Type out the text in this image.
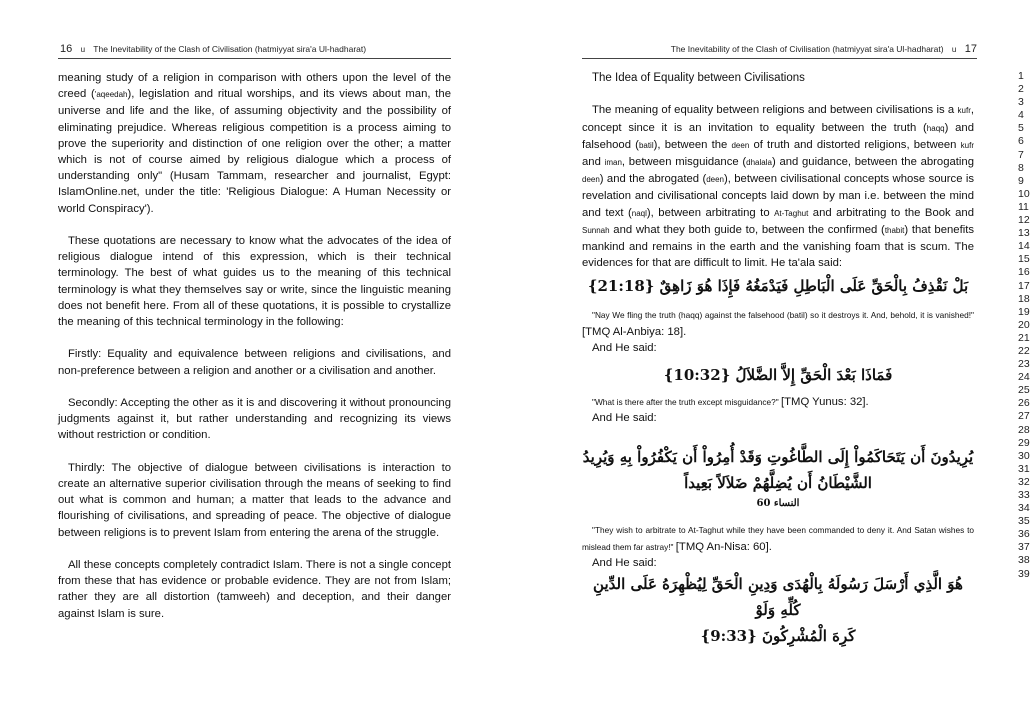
16 u The Inevitability of the Clash of Civilisation (hatmiyyat sira'a Ul-hadharat)	The Inevitability of the Clash of Civilisation (hatmiyyat sira'a Ul-hadharat) u 17

meaning study of a religion in comparison with others upon the level of the creed ('aqeedah), legislation and ritual worships, and its views about man, the universe and life and the like, of assuming objectivity and the possibility of eliminating prejudice. Whereas religious competition is a process aiming to prove the superiority and distinction of one religion over the other; a matter which is not of course aimed by religious dialogue which a process of understanding only" (Husam Tammam, researcher and journalist, Egypt: IslamOnline.net, under the title: 'Religious Dialogue: A Human Necessity or world Conspiracy').

These quotations are necessary to know what the advocates of the idea of religious dialogue intend of this expression, which is their technical terminology. The best of what guides us to the meaning of this technical terminology is what they themselves say or write, since the linguistic meaning does not benefit here. From all of these quotations, it is possible to crystallize the meaning of this technical terminology in the following:

Firstly: Equality and equivalence between religions and civilisations, and non-preference between a religion and another or a civilisation and another.

Secondly: Accepting the other as it is and discovering it without pronouncing judgments against it, but rather understanding and recognizing its views without restriction or condition.

Thirdly: The objective of dialogue between civilisations is interaction to create an alternative superior civilisation through the means of seeking to find out what is common and human; a matter that leads to the advance and flourishing of civilisations, and spreading of peace. The objective of dialogue between religions is to prevent Islam from entering the arena of the struggle.

All these concepts completely contradict Islam. There is not a single concept from these that has evidence or probable evidence. They are not from Islam; rather they are all distortion (tamweeh) and deception, and their danger against Islam is sure.

The Idea of Equality between Civilisations

The meaning of equality between religions and between civilisations is a kufr, concept since it is an invitation to equality between the truth (haqq) and falsehood (batil), between the deen of truth and distorted religions, between kufr and iman, between misguidance (dhalala) and guidance, between the abrogating deen) and the abrogated (deen), between civilisational concepts whose source is revelation and civilisational concepts laid down by man i.e. between the mind and text (naql), between arbitrating to At-Taghut and arbitrating to the Book and Sunnah and what they both guide to, between the confirmed (thabit) that benefits mankind and remains in the earth and the vanishing foam that is scum. The evidences for that are difficult to limit. He ta'ala said:

بَلْ نَقْذِفُ بِالْحَقِّ عَلَى الْبَاطِلِ فَيَدْمَغُهُ فَإِذَا هُوَ زَاهِقٌ {21:18}

"Nay We fling the truth (haqq) against the falsehood (batil) so it destroys it. And, behold, it is vanished!" [TMQ Al-Anbiya: 18].

And He said:

فَمَاذَا بَعْدَ الْحَقِّ إِلاَّ الضَّلاَلُ {10:32}

"What is there after the truth except misguidance?" [TMQ Yunus: 32].

And He said:

يُرِيدُونَ أَن يَتَحَاكَمُواْ إِلَى الطَّاغُوتِ وَقَدْ أُمِرُواْ أَن يَكْفُرُواْ بِهِ وَيُرِيدُ

الشَّيْطَانُ أَن يُضِلَّهُمْ ضَلاَلاً بَعِيداً

النساء 60

"They wish to arbitrate to At-Taghut while they have been commanded to deny it. And Satan wishes to mislead them far astray!" [TMQ An-Nisa: 60].

And He said:

هُوَ الَّذِي أَرْسَلَ رَسُولَهُ بِالْهُدَى وَدِينِ الْحَقِّ لِيُظْهِرَهُ عَلَى الدِّينِ كُلِّهِ وَلَوْ

كَرِهَ الْمُشْرِكُونَ {9:33}

1
2
3
4
5
6
7
8
9
10
11
12
13
14
15
16
17
18
19
20
21
22
23
24
25
26
27
28
29
30
31
32
33
34
35
36
37
38
39
